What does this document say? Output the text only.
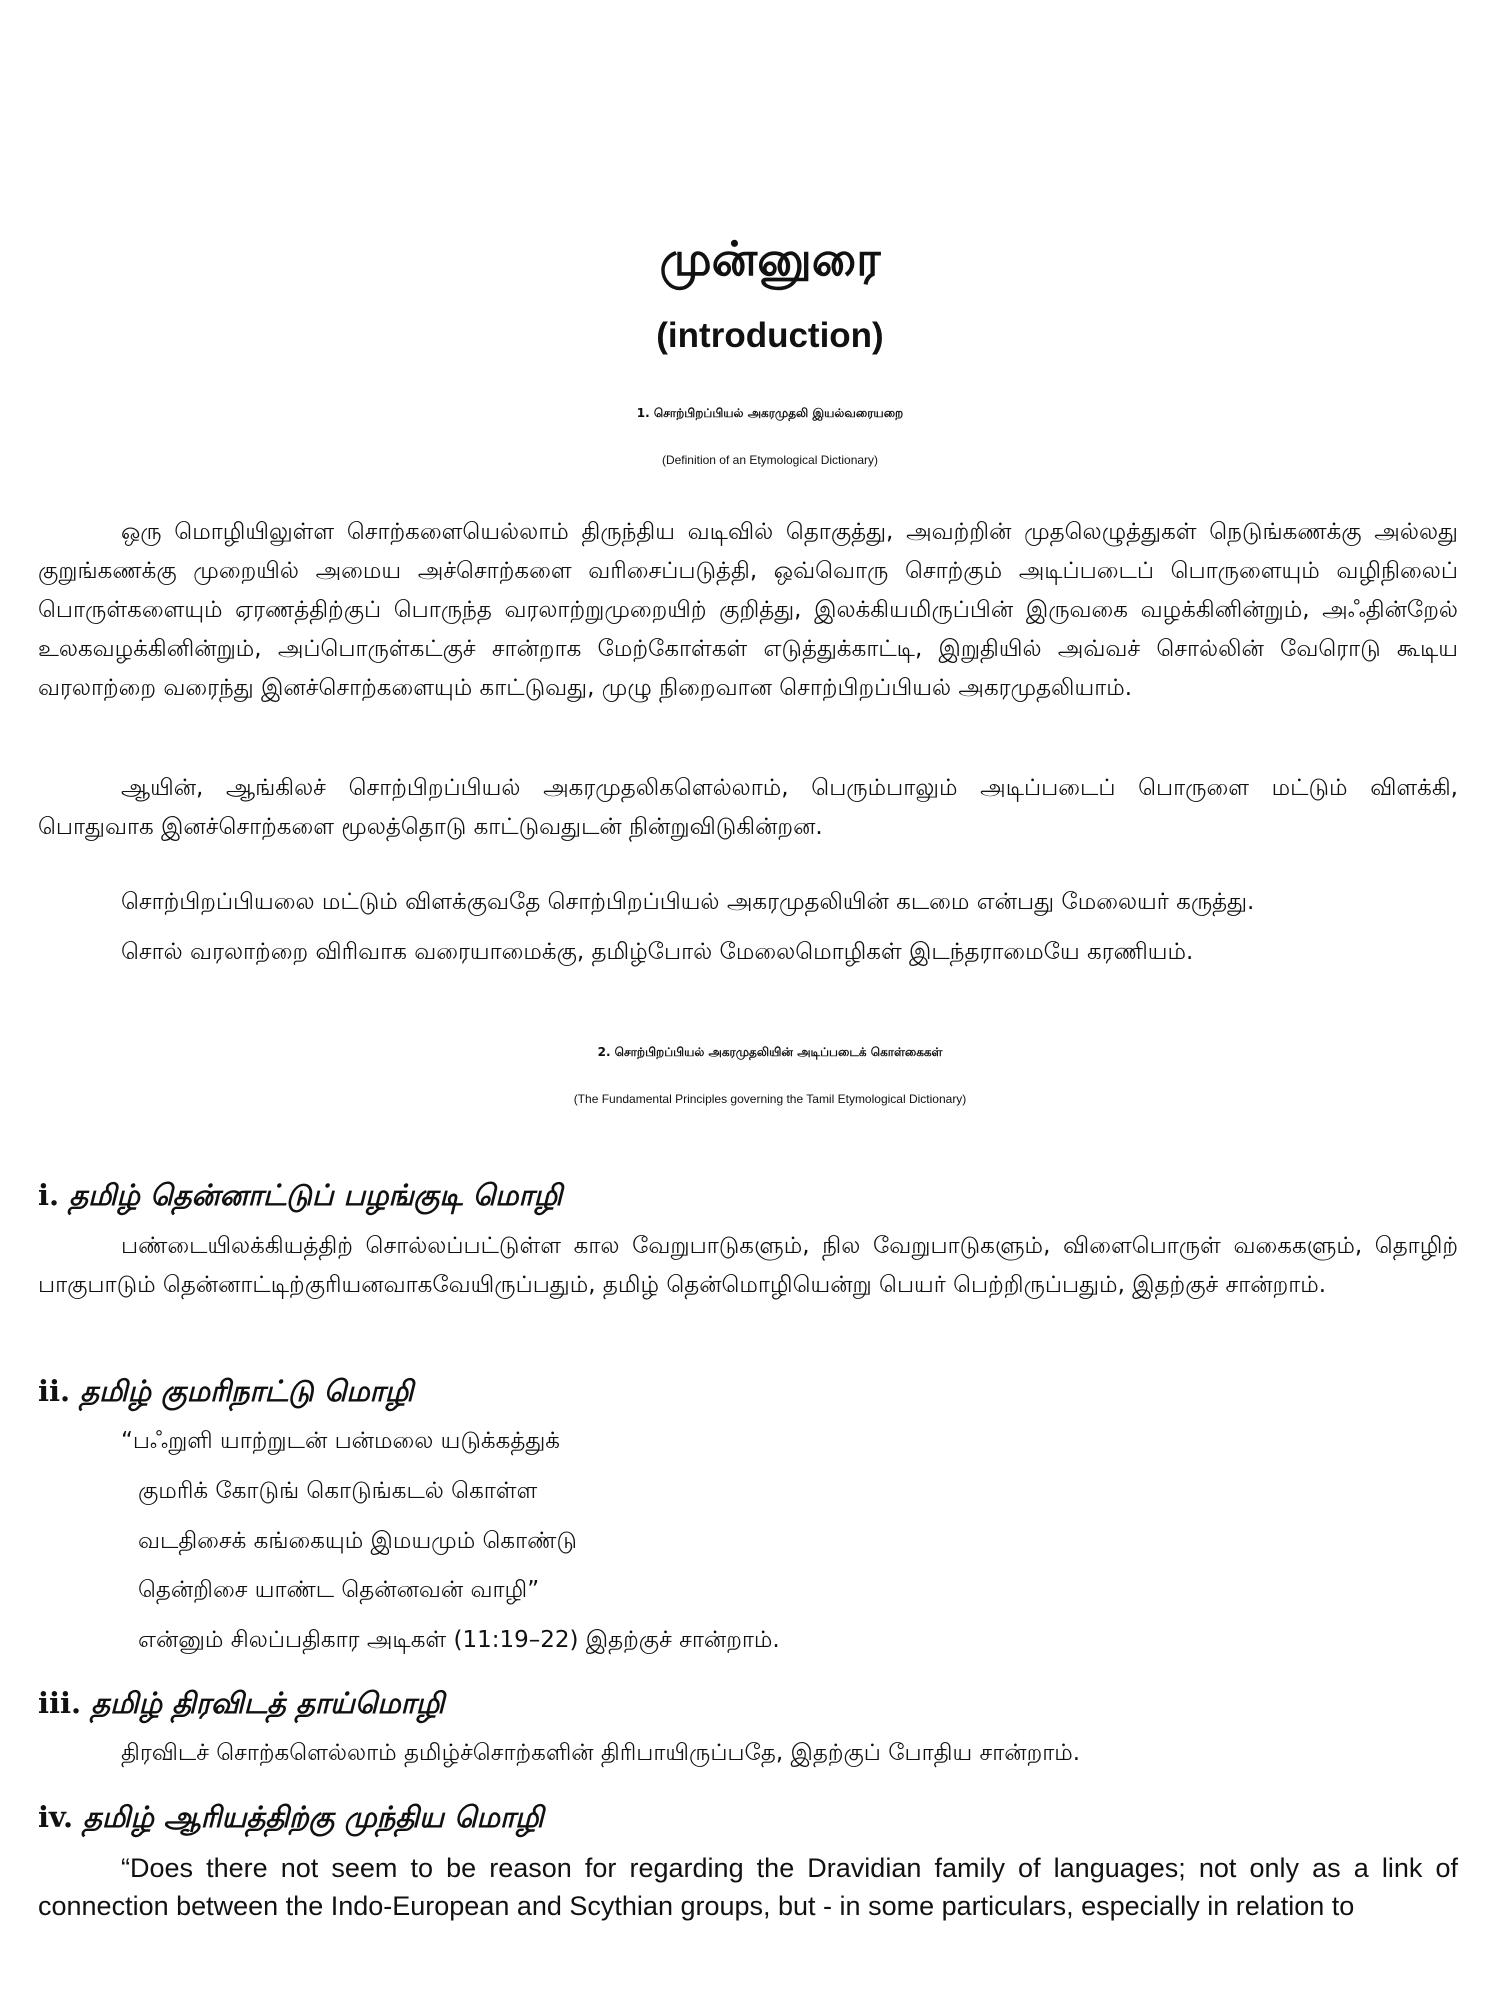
முன்னுரை
(introduction)
1. சொற்பிறப்பியல் அகரமுதலி இயல்வரையறை
(Definition of an Etymological Dictionary)

ஒரு மொழியிலுள்ள சொற்களையெல்லாம் திருந்திய வடிவில் தொகுத்து, அவற்றின் முதலெழுத்துகள் நெடுங்கணக்கு அல்லது குறுங்கணக்கு முறையில் அமைய அச்சொற்களை வரிசைப்படுத்தி, ஒவ்வொரு சொற்கும் அடிப்படைப் பொருளையும் வழிநிலைப் பொருள்களையும் ஏரணத்திற்குப் பொருந்த வரலாற்றுமுறையிற் குறித்து, இலக்கியமிருப்பின் இருவகை வழக்கினின்றும், அஃதின்றேல் உலகவழக்கினின்றும், அப்பொருள்கட்குச் சான்றாக மேற்கோள்கள் எடுத்துக்காட்டி, இறுதியில் அவ்வச் சொல்லின் வேரொடு கூடிய வரலாற்றை வரைந்து இனச்சொற்களையும் காட்டுவது, முழு நிறைவான சொற்பிறப்பியல் அகரமுதலியாம்.

ஆயின், ஆங்கிலச் சொற்பிறப்பியல் அகரமுதலிகளெல்லாம், பெரும்பாலும் அடிப்படைப் பொருளை மட்டும் விளக்கி, பொதுவாக இனச்சொற்களை மூலத்தொடு காட்டுவதுடன் நின்றுவிடுகின்றன.

சொற்பிறப்பியலை மட்டும் விளக்குவதே சொற்பிறப்பியல் அகரமுதலியின் கடமை என்பது மேலையர் கருத்து.

சொல் வரலாற்றை விரிவாக வரையாமைக்கு, தமிழ்போல் மேலைமொழிகள் இடந்தராமையே கரணியம்.

2. சொற்பிறப்பியல் அகரமுதலியின் அடிப்படைக் கொள்கைகள்
(The Fundamental Principles governing the Tamil Etymological Dictionary)
i. தமிழ் தென்னாட்டுப் பழங்குடி மொழி

பண்டையிலக்கியத்திற் சொல்லப்பட்டுள்ள கால வேறுபாடுகளும், நில வேறுபாடுகளும், விளைபொருள் வகைகளும், தொழிற் பாகுபாடும் தென்னாட்டிற்குரியனவாகவேயிருப்பதும், தமிழ் தென்மொழியென்று பெயர் பெற்றிருப்பதும், இதற்குச் சான்றாம்.

ii. தமிழ் குமரிநாட்டு மொழி

“பஃறுளி யாற்றுடன் பன்மலை யடுக்கத்துக்

குமரிக் கோடுங் கொடுங்கடல் கொள்ள

வடதிசைக் கங்கையும் இமயமும் கொண்டு

தென்றிசை யாண்ட தென்னவன் வாழி”

என்னும் சிலப்பதிகார அடிகள் (11:19–22) இதற்குச் சான்றாம்.

iii. தமிழ் திரவிடத் தாய்மொழி

திரவிடச் சொற்களெல்லாம் தமிழ்ச்சொற்களின் திரிபாயிருப்பதே, இதற்குப் போதிய சான்றாம்.

iv. தமிழ் ஆரியத்திற்கு முந்திய மொழி

“Does there not seem to be reason for regarding the Dravidian family of languages; not only as a link of connection between the Indo-European and Scythian groups, but - in some particulars, especially in relation to
